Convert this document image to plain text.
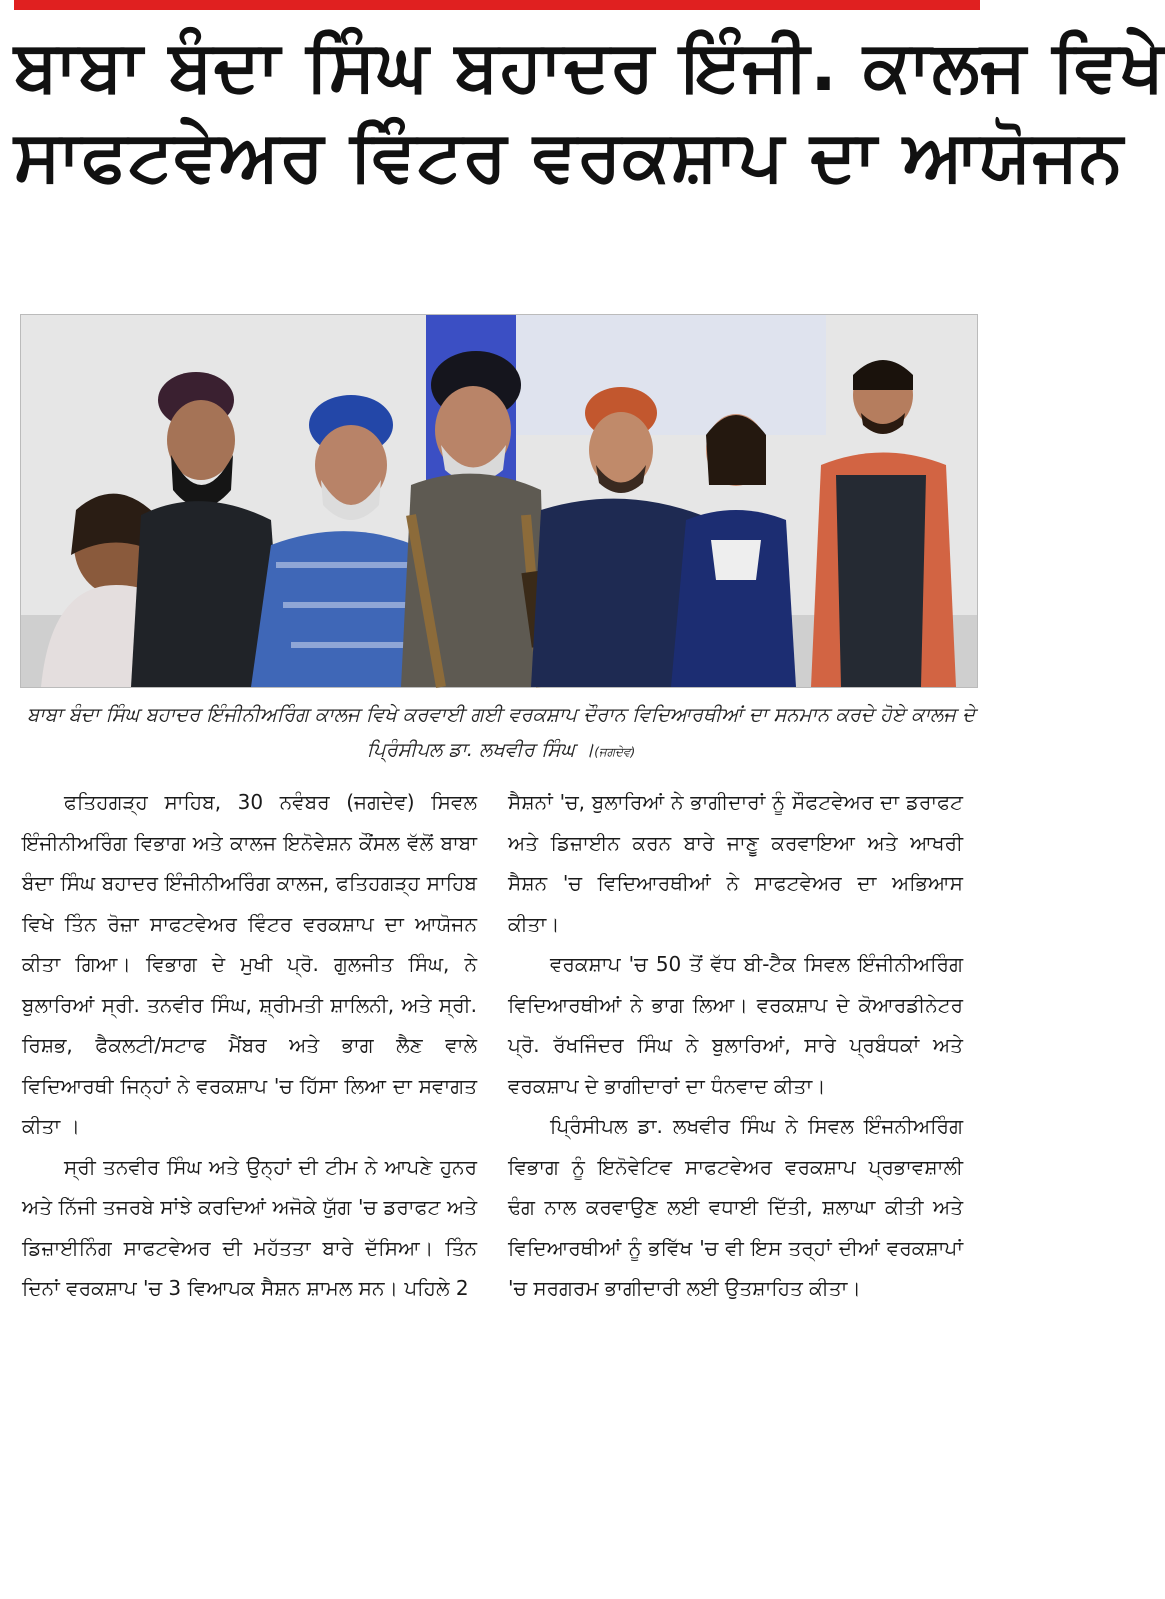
ਬਾਬਾ ਬੰਦਾ ਸਿੰਘ ਬਹਾਦਰ ਇੰਜੀ. ਕਾਲਜ ਵਿਖੇ
ਸਾਫਟਵੇਅਰ ਵਿੰਟਰ ਵਰਕਸ਼ਾਪ ਦਾ ਆਯੋਜਨ

ਬਾਬਾ ਬੰਦਾ ਸਿੰਘ ਬਹਾਦਰ ਇੰਜੀਨੀਅਰਿੰਗ ਕਾਲਜ ਵਿਖੇ ਕਰਵਾਈ ਗਈ ਵਰਕਸ਼ਾਪ ਦੌਰਾਨ ਵਿਦਿਆਰਥੀਆਂ ਦਾ ਸਨਮਾਨ ਕਰਦੇ ਹੋਏ ਕਾਲਜ ਦੇ ਪ੍ਰਿੰਸੀਪਲ ਡਾ. ਲਖਵੀਰ ਸਿੰਘ ।(ਜਗਦੇਵ)

ਫਤਿਹਗੜ੍ਹ ਸਾਹਿਬ, 30 ਨਵੰਬਰ (ਜਗਦੇਵ) ਸਿਵਲ ਇੰਜੀਨੀਅਰਿੰਗ ਵਿਭਾਗ ਅਤੇ ਕਾਲਜ ਇਨੋਵੇਸ਼ਨ ਕੌਂਸਲ ਵੱਲੋਂ ਬਾਬਾ ਬੰਦਾ ਸਿੰਘ ਬਹਾਦਰ ਇੰਜੀਨੀਅਰਿੰਗ ਕਾਲਜ, ਫਤਿਹਗੜ੍ਹ ਸਾਹਿਬ ਵਿਖੇ ਤਿੰਨ ਰੋਜ਼ਾ ਸਾਫਟਵੇਅਰ ਵਿੰਟਰ ਵਰਕਸ਼ਾਪ ਦਾ ਆਯੋਜਨ ਕੀਤਾ ਗਿਆ। ਵਿਭਾਗ ਦੇ ਮੁਖੀ ਪ੍ਰੋ. ਗੁਲਜੀਤ ਸਿੰਘ, ਨੇ ਬੁਲਾਰਿਆਂ ਸ੍ਰੀ. ਤਨਵੀਰ ਸਿੰਘ, ਸ਼੍ਰੀਮਤੀ ਸ਼ਾਲਿਨੀ, ਅਤੇ ਸ੍ਰੀ. ਰਿਸ਼ਭ, ਫੈਕਲਟੀ/ਸਟਾਫ ਮੈਂਬਰ ਅਤੇ ਭਾਗ ਲੈਣ ਵਾਲੇ ਵਿਦਿਆਰਥੀ ਜਿਨ੍ਹਾਂ ਨੇ ਵਰਕਸ਼ਾਪ 'ਚ ਹਿੱਸਾ ਲਿਆ ਦਾ ਸਵਾਗਤ ਕੀਤਾ ।

ਸ੍ਰੀ ਤਨਵੀਰ ਸਿੰਘ ਅਤੇ ਉਨ੍ਹਾਂ ਦੀ ਟੀਮ ਨੇ ਆਪਣੇ ਹੁਨਰ ਅਤੇ ਨਿੱਜੀ ਤਜਰਬੇ ਸਾਂਝੇ ਕਰਦਿਆਂ ਅਜੋਕੇ ਯੁੱਗ 'ਚ ਡਰਾਫਟ ਅਤੇ ਡਿਜ਼ਾਈਨਿੰਗ ਸਾਫਟਵੇਅਰ ਦੀ ਮਹੱਤਤਾ ਬਾਰੇ ਦੱਸਿਆ। ਤਿੰਨ ਦਿਨਾਂ ਵਰਕਸ਼ਾਪ 'ਚ 3 ਵਿਆਪਕ ਸੈਸ਼ਨ ਸ਼ਾਮਲ ਸਨ। ਪਹਿਲੇ 2

ਸੈਸ਼ਨਾਂ 'ਚ, ਬੁਲਾਰਿਆਂ ਨੇ ਭਾਗੀਦਾਰਾਂ ਨੂੰ ਸੌਫਟਵੇਅਰ ਦਾ ਡਰਾਫਟ ਅਤੇ ਡਿਜ਼ਾਈਨ ਕਰਨ ਬਾਰੇ ਜਾਣੂ ਕਰਵਾਇਆ ਅਤੇ ਆਖਰੀ ਸੈਸ਼ਨ 'ਚ ਵਿਦਿਆਰਥੀਆਂ ਨੇ ਸਾਫਟਵੇਅਰ ਦਾ ਅਭਿਆਸ ਕੀਤਾ।

ਵਰਕਸ਼ਾਪ 'ਚ 50 ਤੋਂ ਵੱਧ ਬੀ-ਟੈਕ ਸਿਵਲ ਇੰਜੀਨੀਅਰਿੰਗ ਵਿਦਿਆਰਥੀਆਂ ਨੇ ਭਾਗ ਲਿਆ। ਵਰਕਸ਼ਾਪ ਦੇ ਕੋਆਰਡੀਨੇਟਰ ਪ੍ਰੋ. ਰੱਖਜਿੰਦਰ ਸਿੰਘ ਨੇ ਬੁਲਾਰਿਆਂ, ਸਾਰੇ ਪ੍ਰਬੰਧਕਾਂ ਅਤੇ ਵਰਕਸ਼ਾਪ ਦੇ ਭਾਗੀਦਾਰਾਂ ਦਾ ਧੰਨਵਾਦ ਕੀਤਾ।

ਪ੍ਰਿੰਸੀਪਲ ਡਾ. ਲਖਵੀਰ ਸਿੰਘ ਨੇ ਸਿਵਲ ਇੰਜਨੀਅਰਿੰਗ ਵਿਭਾਗ ਨੂੰ ਇਨੋਵੇਟਿਵ ਸਾਫਟਵੇਅਰ ਵਰਕਸ਼ਾਪ ਪ੍ਰਭਾਵਸ਼ਾਲੀ ਢੰਗ ਨਾਲ ਕਰਵਾਉਣ ਲਈ ਵਧਾਈ ਦਿੱਤੀ, ਸ਼ਲਾਘਾ ਕੀਤੀ ਅਤੇ ਵਿਦਿਆਰਥੀਆਂ ਨੂੰ ਭਵਿੱਖ 'ਚ ਵੀ ਇਸ ਤਰ੍ਹਾਂ ਦੀਆਂ ਵਰਕਸ਼ਾਪਾਂ 'ਚ ਸਰਗਰਮ ਭਾਗੀਦਾਰੀ ਲਈ ਉਤਸ਼ਾਹਿਤ ਕੀਤਾ।
